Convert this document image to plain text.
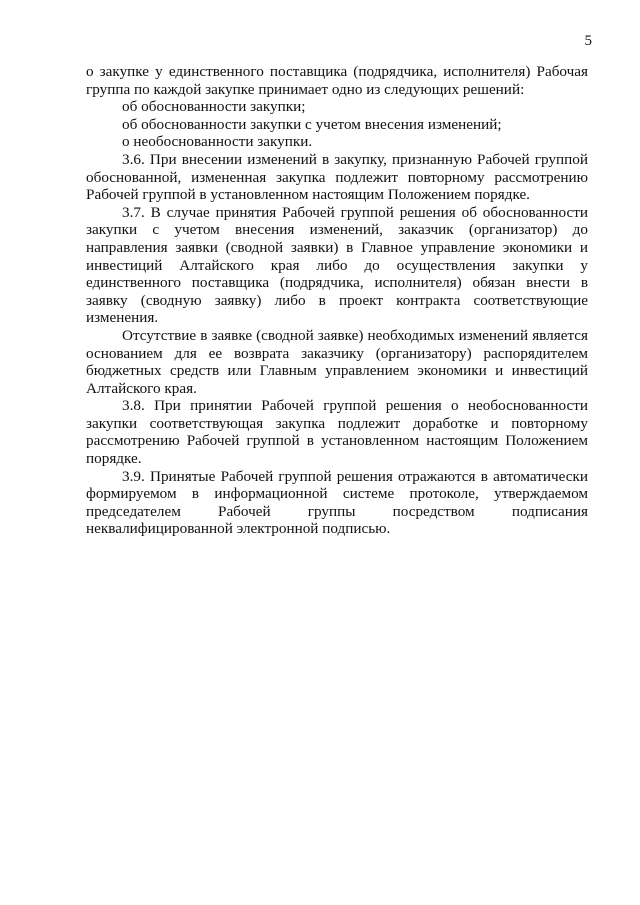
5

о закупке у единственного поставщика (подрядчика, исполнителя) Рабочая группа по каждой закупке принимает одно из следующих решений:

об обоснованности закупки;

об обоснованности закупки с учетом внесения изменений;

о необоснованности закупки.

3.6. При внесении изменений в закупку, признанную Рабочей группой обоснованной, измененная закупка подлежит повторному рассмотрению Рабочей группой в установленном настоящим Положением порядке.

3.7. В случае принятия Рабочей группой решения об обоснованности закупки с учетом внесения изменений, заказчик (организатор) до направления заявки (сводной заявки) в Главное управление экономики и инвестиций Алтайского края либо до осуществления закупки у единственного поставщика (подрядчика, исполнителя) обязан внести в заявку (сводную заявку) либо в проект контракта соответствующие изменения.

Отсутствие в заявке (сводной заявке) необходимых изменений является основанием для ее возврата заказчику (организатору) распорядителем бюджетных средств или Главным управлением экономики и инвестиций Алтайского края.

3.8. При принятии Рабочей группой решения о необоснованности закупки соответствующая закупка подлежит доработке и повторному рассмотрению Рабочей группой в установленном настоящим Положением порядке.

3.9. Принятые Рабочей группой решения отражаются в автоматически формируемом в информационной системе протоколе, утверждаемом председателем Рабочей группы посредством подписания неквалифицированной электронной подписью.
